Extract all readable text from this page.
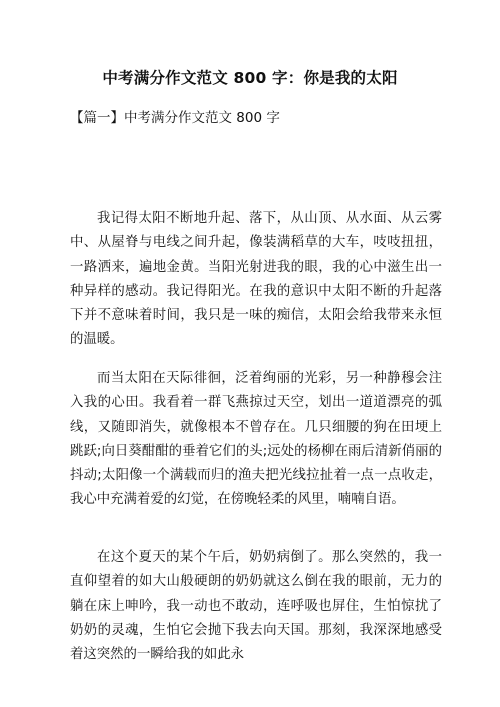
中考满分作文范文 800 字：你是我的太阳
【篇一】中考满分作文范文 800 字

我记得太阳不断地升起、落下，从山顶、从水面、从云雾中、从屋脊与电线之间升起，像装满稻草的大车，吱吱扭扭，一路洒来，遍地金黄。当阳光射进我的眼，我的心中滋生出一种异样的感动。我记得阳光。在我的意识中太阳不断的升起落下并不意味着时间，我只是一味的痴信，太阳会给我带来永恒的温暖。

而当太阳在天际徘徊，泛着绚丽的光彩，另一种静穆会注入我的心田。我看着一群飞燕掠过天空，划出一道道漂亮的弧线，又随即消失，就像根本不曾存在。几只细腰的狗在田埂上跳跃;向日葵酣酣的垂着它们的头;远处的杨柳在雨后清新俏丽的抖动;太阳像一个满载而归的渔夫把光线拉扯着一点一点收走，我心中充满着爱的幻觉，在傍晚轻柔的风里，喃喃自语。

在这个夏天的某个午后，奶奶病倒了。那么突然的，我一直仰望着的如大山般硬朗的奶奶就这么倒在我的眼前，无力的躺在床上呻吟，我一动也不敢动，连呼吸也屏住，生怕惊扰了奶奶的灵魂，生怕它会抛下我去向天国。那刻，我深深地感受着这突然的一瞬给我的如此永
